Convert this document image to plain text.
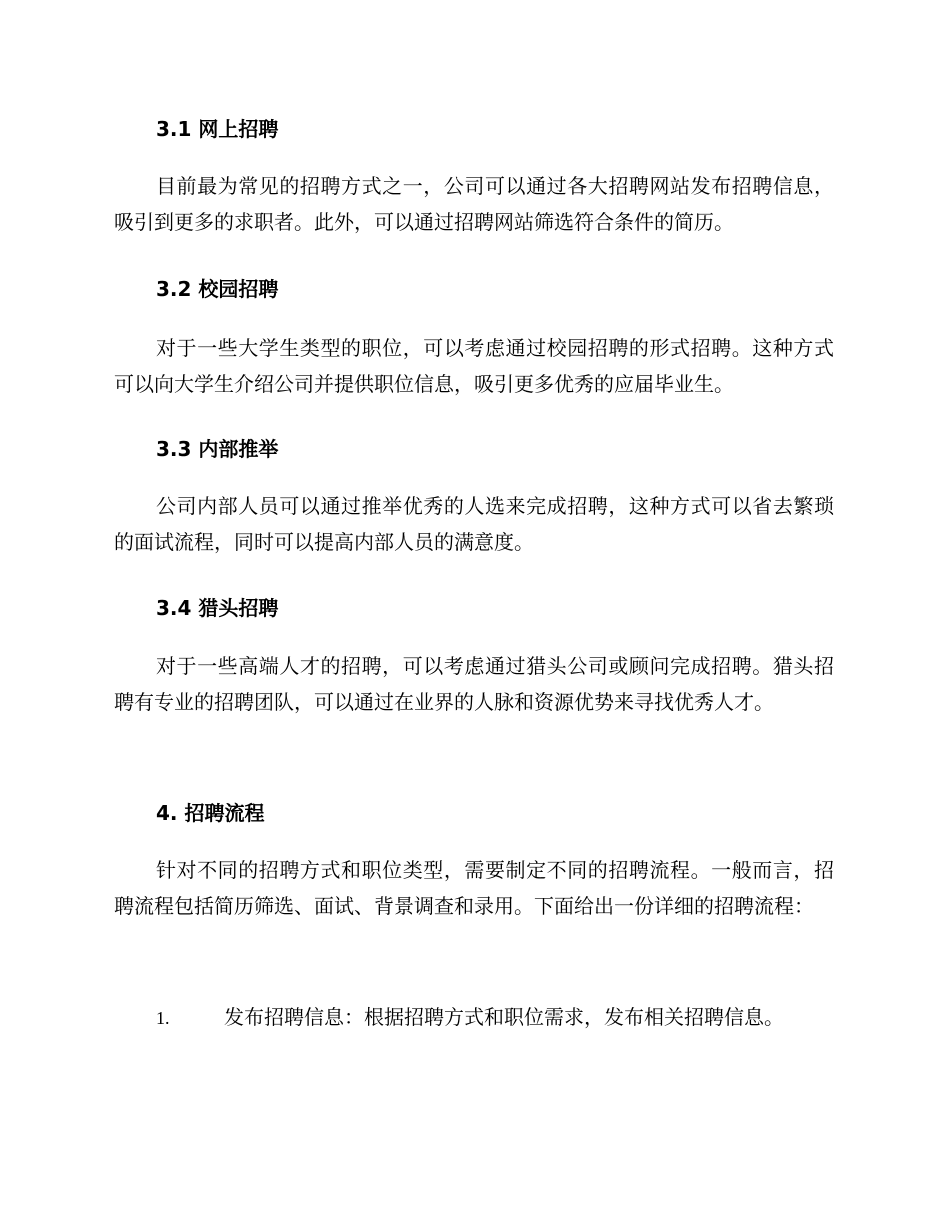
3.1 网上招聘
目前最为常见的招聘方式之一，公司可以通过各大招聘网站发布招聘信息，吸引到更多的求职者。此外，可以通过招聘网站筛选符合条件的简历。
3.2 校园招聘
对于一些大学生类型的职位，可以考虑通过校园招聘的形式招聘。这种方式可以向大学生介绍公司并提供职位信息，吸引更多优秀的应届毕业生。
3.3 内部推举
公司内部人员可以通过推举优秀的人选来完成招聘，这种方式可以省去繁琐的面试流程，同时可以提高内部人员的满意度。
3.4 猎头招聘
对于一些高端人才的招聘，可以考虑通过猎头公司或顾问完成招聘。猎头招聘有专业的招聘团队，可以通过在业界的人脉和资源优势来寻找优秀人才。
4. 招聘流程
针对不同的招聘方式和职位类型，需要制定不同的招聘流程。一般而言，招聘流程包括简历筛选、面试、背景调查和录用。下面给出一份详细的招聘流程：
1.	发布招聘信息：根据招聘方式和职位需求，发布相关招聘信息。
